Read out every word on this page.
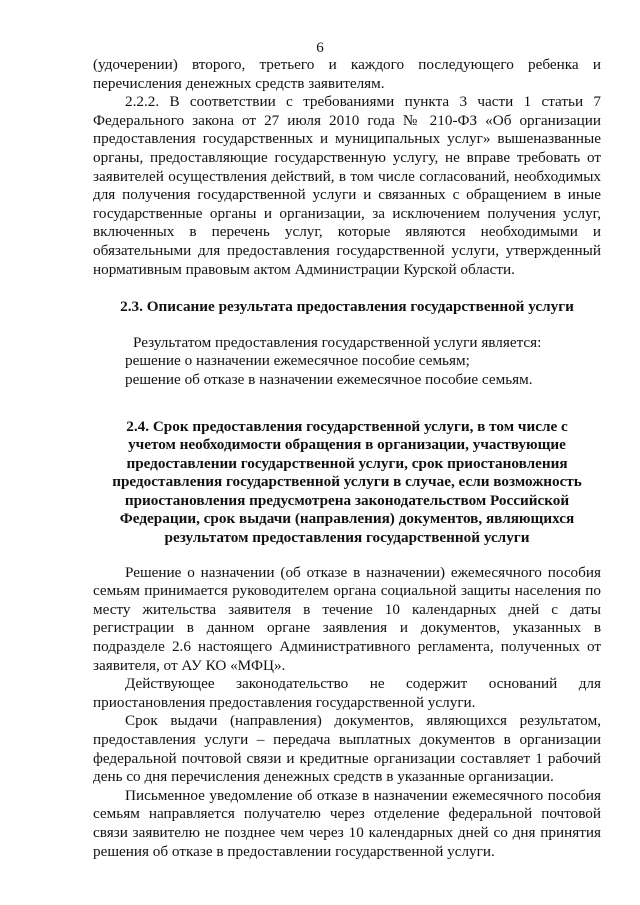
6

(удочерении) второго, третьего и каждого последующего ребенка и перечисления денежных средств заявителям.

2.2.2. В соответствии с требованиями пункта 3 части 1 статьи 7 Федерального закона от 27 июля 2010 года № 210-ФЗ «Об организации предоставления государственных и муниципальных услуг» вышеназванные органы, предоставляющие государственную услугу, не вправе требовать от заявителей осуществления действий, в том числе согласований, необходимых для получения государственной услуги и связанных с обращением в иные государственные органы и организации, за исключением получения услуг, включенных в перечень услуг, которые являются необходимыми и обязательными для предоставления государственной услуги, утвержденный нормативным правовым актом Администрации Курской области.

2.3. Описание результата предоставления государственной услуги

Результатом предоставления государственной услуги является:

решение о назначении ежемесячное пособие семьям;

решение об отказе в назначении ежемесячное пособие семьям.

2.4. Срок предоставления государственной услуги, в том числе с учетом необходимости обращения в организации, участвующие предоставлении государственной услуги, срок приостановления предоставления государственной услуги в случае, если возможность приостановления предусмотрена законодательством Российской Федерации, срок выдачи (направления) документов, являющихся результатом предоставления государственной услуги

Решение о назначении (об отказе в назначении) ежемесячного пособия семьям принимается руководителем органа социальной защиты населения по месту жительства заявителя в течение 10 календарных дней с даты регистрации в данном органе заявления и документов, указанных в подразделе 2.6 настоящего Административного регламента, полученных от заявителя, от АУ КО «МФЦ».

Действующее законодательство не содержит оснований для приостановления предоставления государственной услуги.

Срок выдачи (направления) документов, являющихся результатом, предоставления услуги – передача выплатных документов в организации федеральной почтовой связи и кредитные организации составляет 1 рабочий день со дня перечисления денежных средств в указанные организации.

Письменное уведомление об отказе в назначении ежемесячного пособия семьям направляется получателю через отделение федеральной почтовой связи заявителю не позднее чем через 10 календарных дней со дня принятия решения об отказе в предоставлении государственной услуги.
